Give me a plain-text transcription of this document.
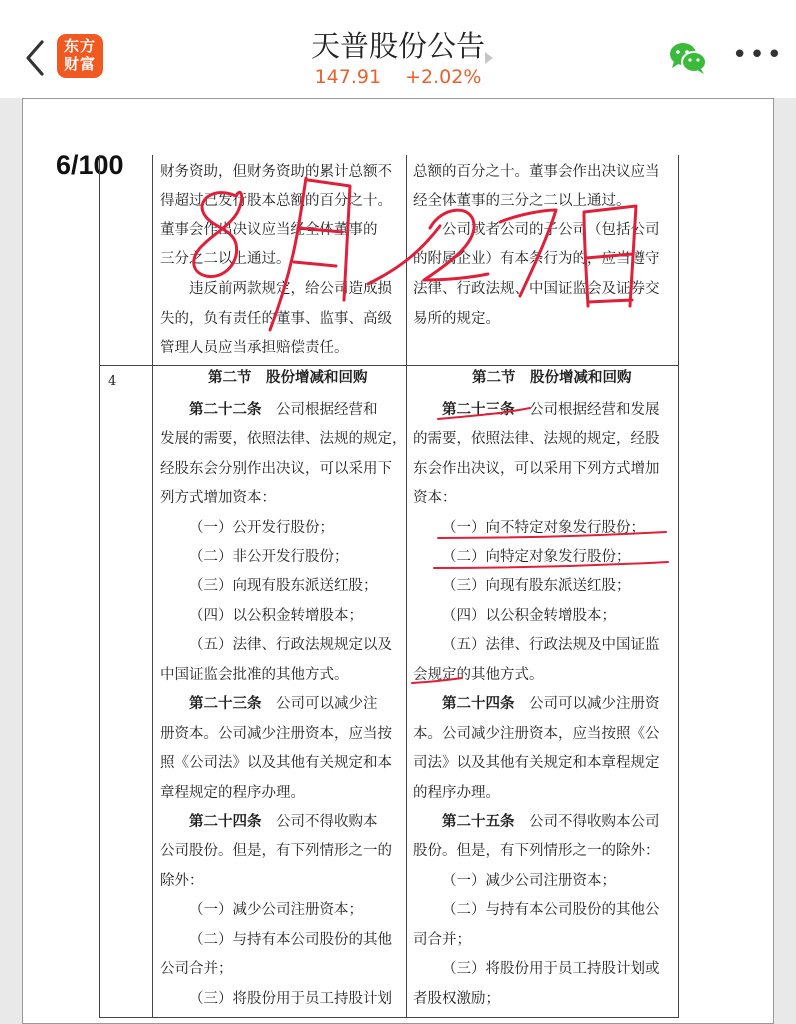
东方
财富
天普股份公告
147.91 +2.02%
•••
6/100
4
财务资助，但财务资助的累计总额不
得超过已发行股本总额的百分之十。
董事会作出决议应当经全体董事的
三分之二以上通过。
违反前两款规定，给公司造成损
失的，负有责任的董事、监事、高级
管理人员应当承担赔偿责任。
总额的百分之十。董事会作出决议应当
经全体董事的三分之二以上通过。
公司或者公司的子公司（包括公司
的附属企业）有本条行为的，应当遵守
法律、行政法规、中国证监会及证券交
易所的规定。
第二节　股份增减和回购	第二节　股份增减和回购
第二十二条　公司根据经营和
发展的需要，依照法律、法规的规定，
经股东会分别作出决议，可以采用下
列方式增加资本：
（一）公开发行股份；
（二）非公开发行股份；
（三）向现有股东派送红股；
（四）以公积金转增股本；
（五）法律、行政法规规定以及
中国证监会批准的其他方式。
第二十三条　公司可以减少注
册资本。公司减少注册资本，应当按
照《公司法》以及其他有关规定和本
章程规定的程序办理。
第二十四条　公司不得收购本
公司股份。但是，有下列情形之一的
除外：
（一）减少公司注册资本；
（二）与持有本公司股份的其他
公司合并；
（三）将股份用于员工持股计划
第二十三条　公司根据经营和发展
的需要，依照法律、法规的规定，经股
东会作出决议，可以采用下列方式增加
资本：
（一）向不特定对象发行股份；
（二）向特定对象发行股份；
（三）向现有股东派送红股；
（四）以公积金转增股本；
（五）法律、行政法规及中国证监
会规定的其他方式。
第二十四条　公司可以减少注册资
本。公司减少注册资本，应当按照《公
司法》以及其他有关规定和本章程规定
的程序办理。
第二十五条　公司不得收购本公司
股份。但是，有下列情形之一的除外：
（一）减少公司注册资本；
（二）与持有本公司股份的其他公
司合并；
（三）将股份用于员工持股计划或
者股权激励；
